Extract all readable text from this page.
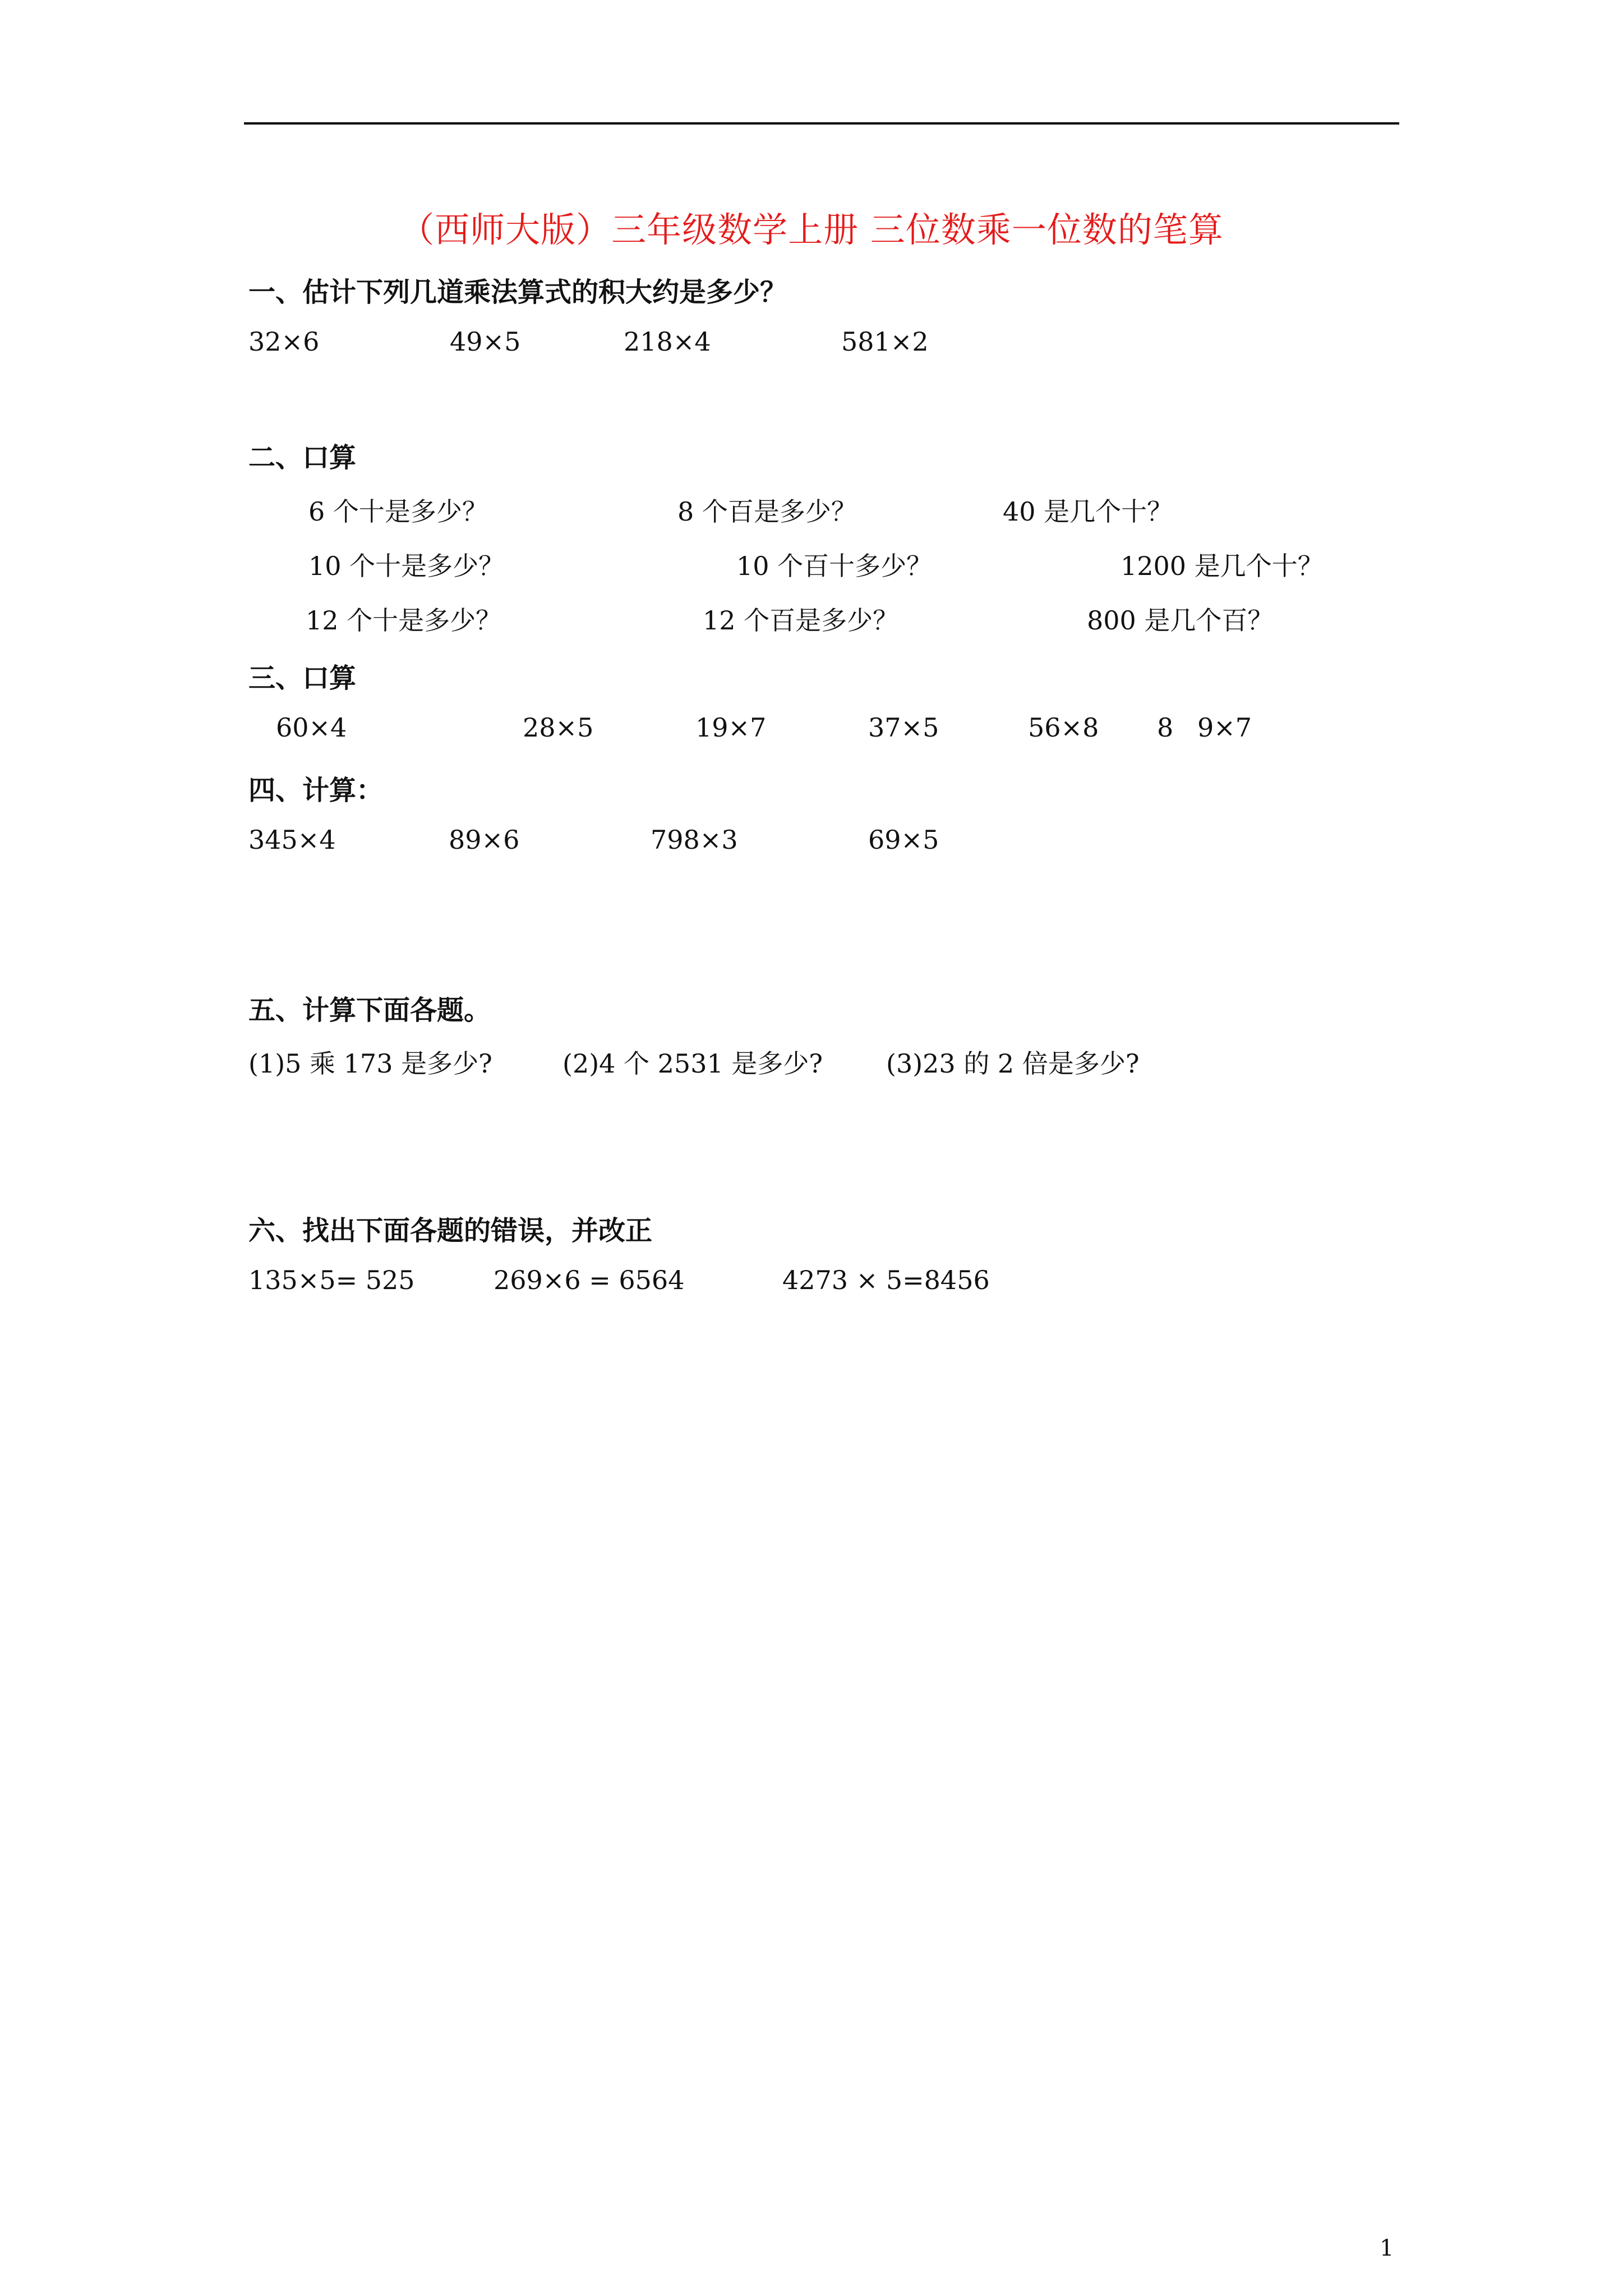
（西师大版）三年级数学上册 三位数乘一位数的笔算
一、估计下列几道乘法算式的积大约是多少？
32×6	49×5	218×4	581×2
二、口算
6 个十是多少？	8 个百是多少？	40 是几个十？
10 个十是多少？	10 个百十多少？	1200 是几个十？
12 个十是多少？	12 个百是多少？	800 是几个百？
三、口算
60×4	28×5	19×7	37×5	56×8 8 9×7
四、计算：
345×4	89×6	798×3	69×5
五、计算下面各题。
(1)5 乘 173 是多少?	(2)4 个 2531 是多少? (3)23 的 2 倍是多少?
六、找出下面各题的错误，并改正
135×5= 525	269×6 = 6564	4273 × 5=8456
1
